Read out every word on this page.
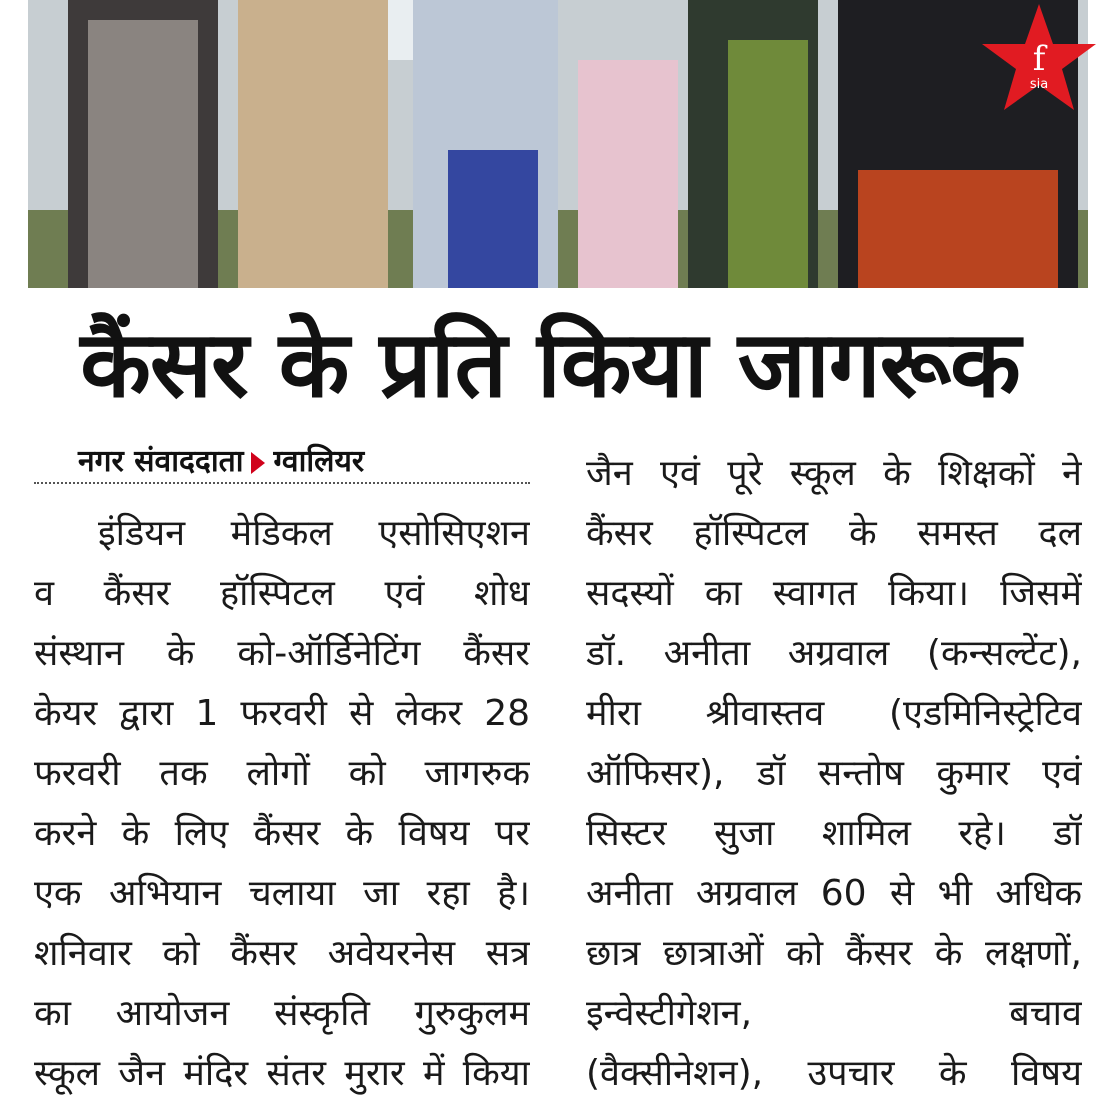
f
sia
कैंसर के प्रति किया जागरूक
नगर संवाददाता ग्वालियर
इंडियन मेडिकल एसोसिएशन
व कैंसर हॉस्पिटल एवं शोध
संस्थान के को-ऑर्डिनेटिंग कैंसर
केयर द्वारा 1 फरवरी से लेकर 28
फरवरी तक लोगों को जागरुक
करने के लिए कैंसर के विषय पर
एक अभियान चलाया जा रहा है।
शनिवार को कैंसर अवेयरनेस सत्र
का आयोजन संस्कृति गुरुकुलम
स्कूल जैन मंदिर संतर मुरार में किया
जैन एवं पूरे स्कूल के शिक्षकों ने
कैंसर हॉस्पिटल के समस्त दल
सदस्यों का स्वागत किया। जिसमें
डॉ. अनीता अग्रवाल (कन्सल्टेंट),
मीरा श्रीवास्तव (एडमिनिस्ट्रेटिव
ऑफिसर), डॉ सन्तोष कुमार एवं
सिस्टर सुजा शामिल रहे। डॉ
अनीता अग्रवाल 60 से भी अधिक
छात्र छात्राओं को कैंसर के लक्षणों,
इन्वेस्टीगेशन, बचाव
(वैक्सीनेशन), उपचार के विषय
